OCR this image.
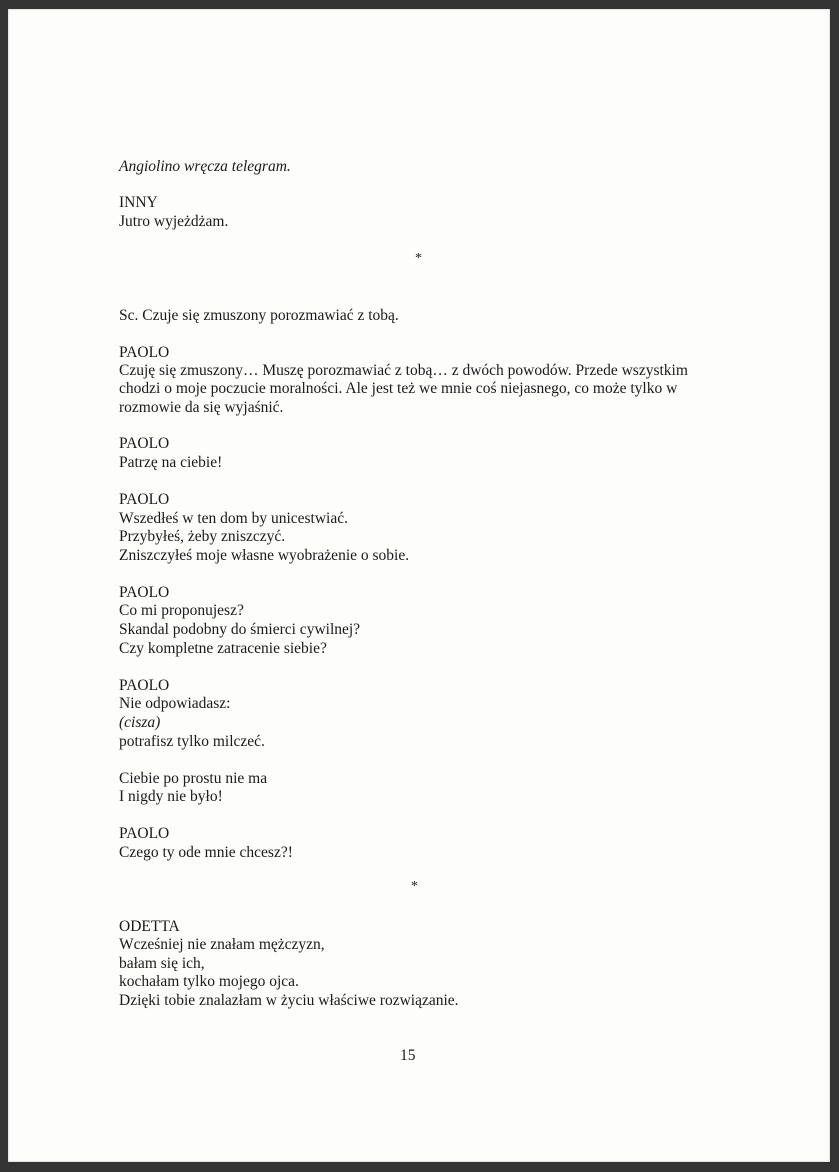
Angiolino wręcza telegram.
INNY
Jutro wyjeżdżam.
*
Sc. Czuje się zmuszony porozmawiać z tobą.
PAOLO
Czuję się zmuszony… Muszę porozmawiać z tobą… z dwóch powodów. Przede wszystkim
chodzi o moje poczucie moralności. Ale jest też we mnie coś niejasnego, co może tylko w
rozmowie da się wyjaśnić.
PAOLO
Patrzę na ciebie!
PAOLO
Wszedłeś w ten dom by unicestwiać.
Przybyłeś, żeby zniszczyć.
Zniszczyłeś moje własne wyobrażenie o sobie.
PAOLO
Co mi proponujesz?
Skandal podobny do śmierci cywilnej?
Czy kompletne zatracenie siebie?
PAOLO
Nie odpowiadasz:
(cisza)
potrafisz tylko milczeć.
Ciebie po prostu nie ma
I nigdy nie było!
PAOLO
Czego ty ode mnie chcesz?!
*
ODETTA
Wcześniej nie znałam mężczyzn,
bałam się ich,
kochałam tylko mojego ojca.
Dzięki tobie znalazłam w życiu właściwe rozwiązanie.
15
